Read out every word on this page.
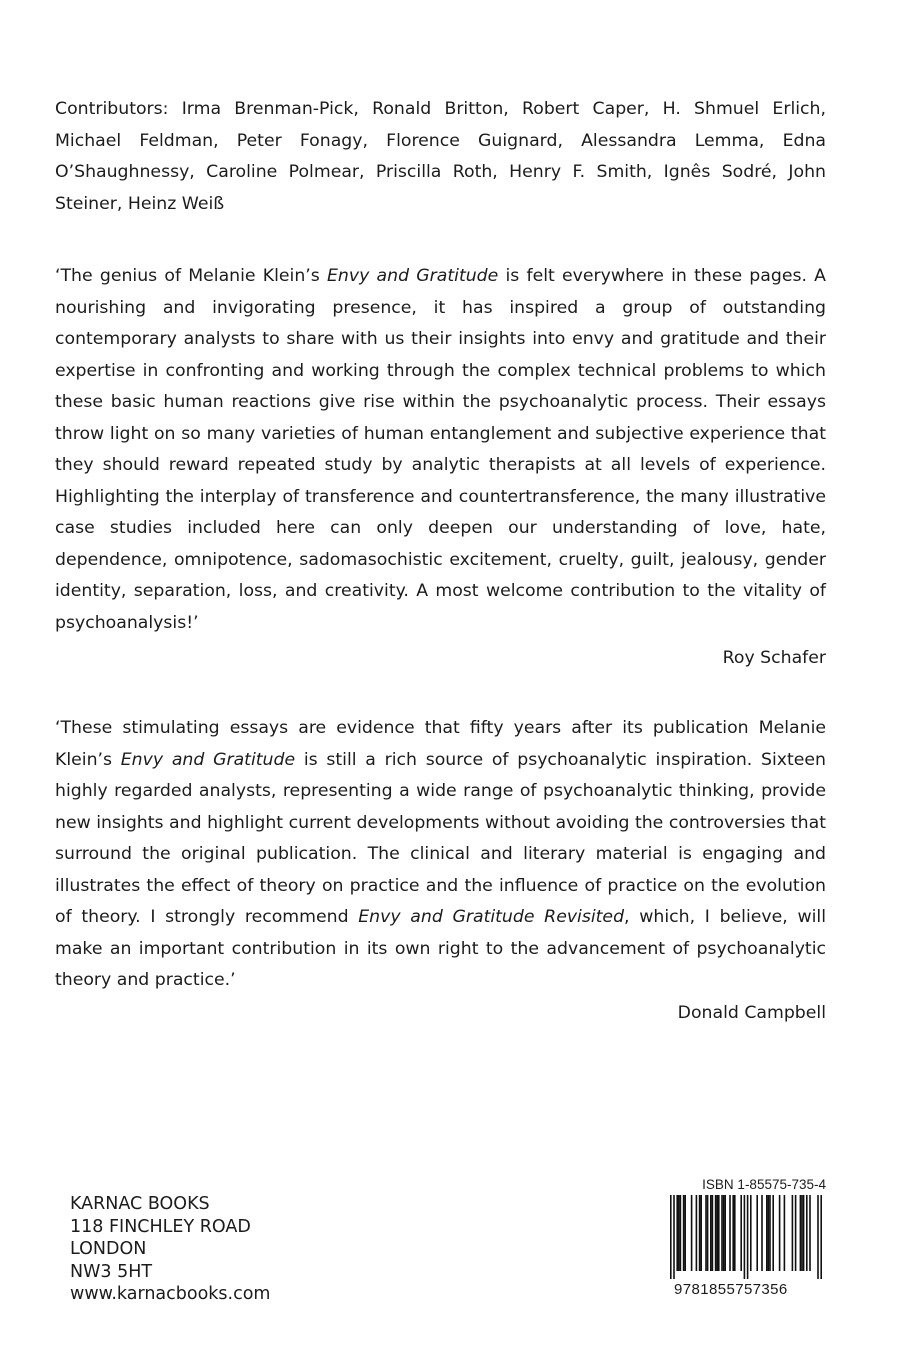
Contributors: Irma Brenman-Pick, Ronald Britton, Robert Caper, H. Shmuel Erlich, Michael Feldman, Peter Fonagy, Florence Guignard, Alessandra Lemma, Edna O’Shaughnessy, Caroline Polmear, Priscilla Roth, Henry F. Smith, Ignês Sodré, John Steiner, Heinz Weiß

‘The genius of Melanie Klein’s Envy and Gratitude is felt everywhere in these pages. A nourishing and invigorating presence, it has inspired a group of outstanding contemporary analysts to share with us their insights into envy and gratitude and their expertise in confronting and working through the complex technical problems to which these basic human reactions give rise within the psychoanalytic process. Their essays throw light on so many varieties of human entanglement and subjective experience that they should reward repeated study by analytic therapists at all levels of experience. Highlighting the interplay of transference and countertransference, the many illustrative case studies included here can only deepen our understanding of love, hate, dependence, omnipotence, sadomasochistic excitement, cruelty, guilt, jealousy, gender identity, separation, loss, and creativity. A most welcome contribution to the vitality of psychoanalysis!’

Roy Schafer

‘These stimulating essays are evidence that fifty years after its publication Melanie Klein’s Envy and Gratitude is still a rich source of psychoanalytic inspiration. Sixteen highly regarded analysts, representing a wide range of psychoanalytic thinking, provide new insights and highlight current developments without avoiding the controversies that surround the original publication. The clinical and literary material is engaging and illustrates the effect of theory on practice and the influence of practice on the evolution of theory. I strongly recommend Envy and Gratitude Revisited, which, I believe, will make an important contribution in its own right to the advancement of psychoanalytic theory and practice.’

Donald Campbell
KARNAC BOOKS
118 FINCHLEY ROAD
LONDON
NW3 5HT
www.karnacbooks.com
ISBN 1-85575-735-4
9781855757356
